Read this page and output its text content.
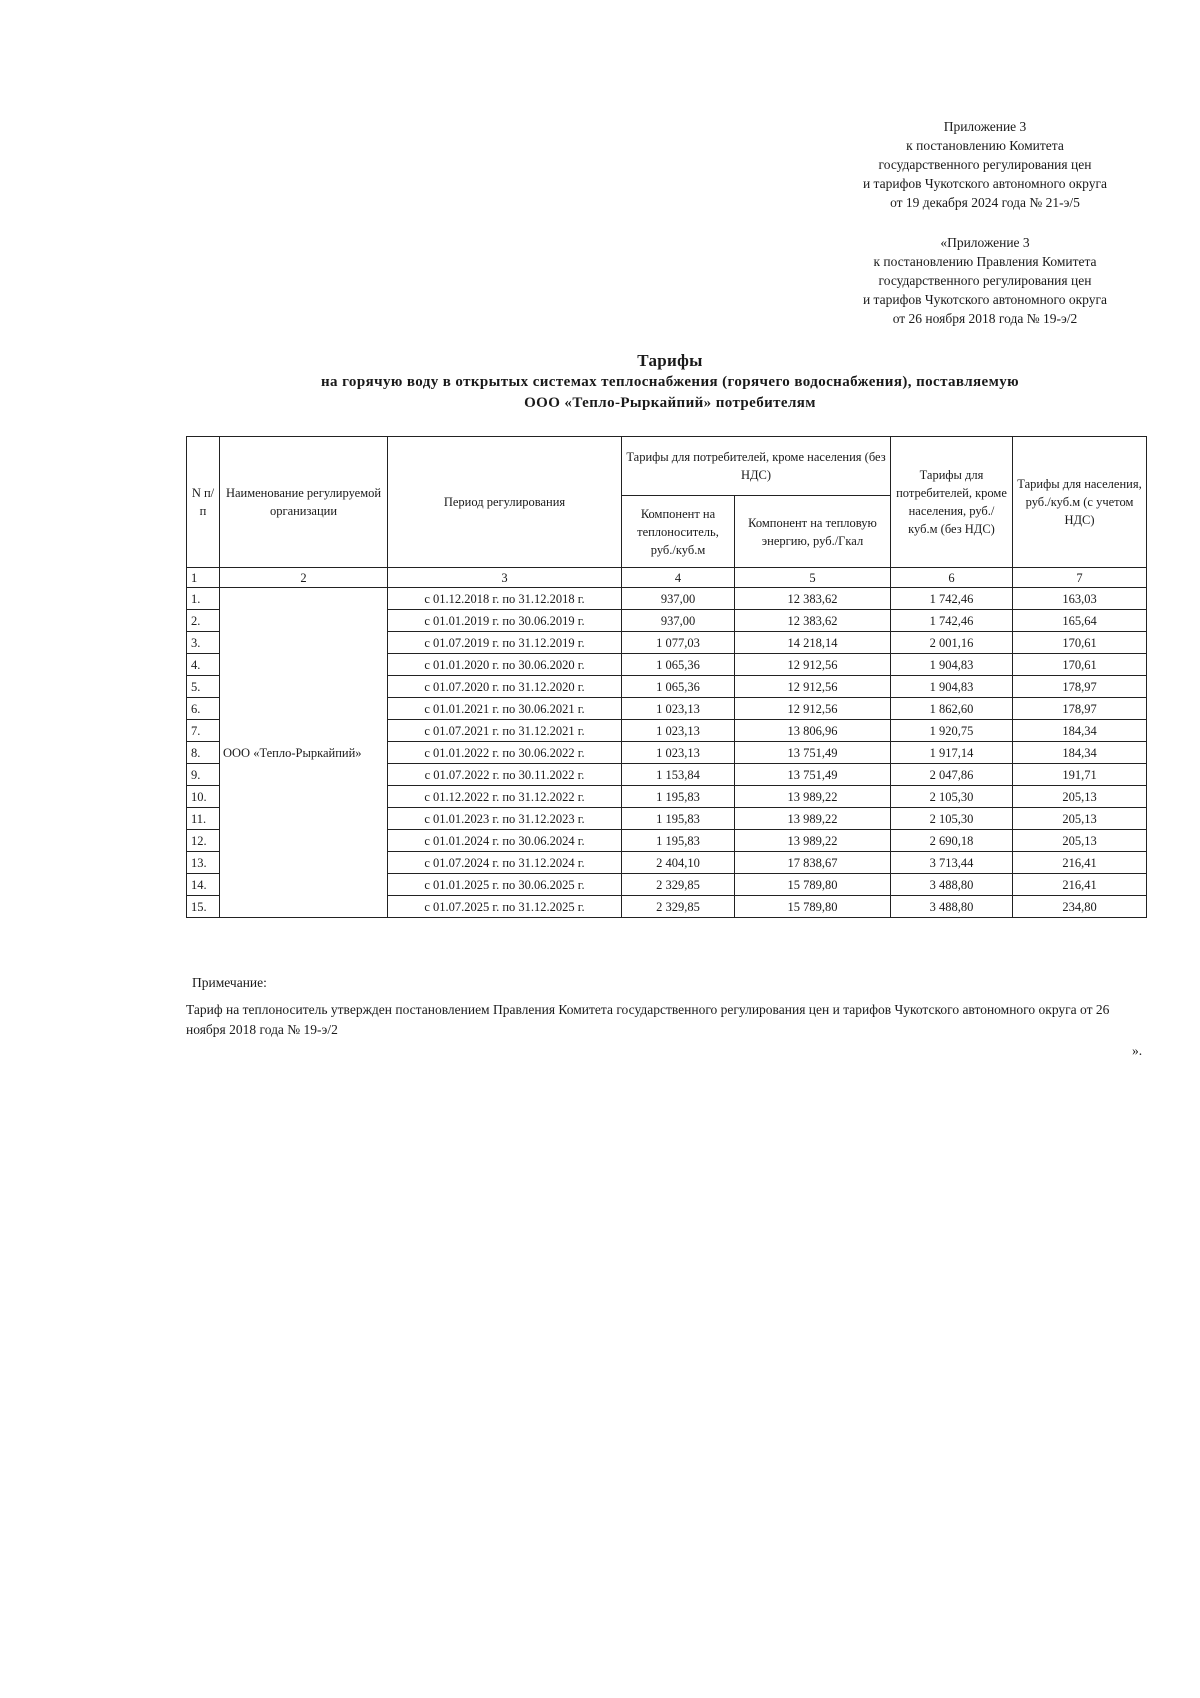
Приложение 3
к постановлению Комитета
государственного регулирования цен
и тарифов Чукотского автономного округа
от 19 декабря 2024 года № 21-э/5
«Приложение 3
к постановлению Правления Комитета
государственного регулирования цен
и тарифов Чукотского автономного округа
от 26 ноября 2018 года № 19-э/2
Тарифы
на горячую воду в открытых системах теплоснабжения (горячего водоснабжения), поставляемую
ООО «Тепло-Рыркайпий» потребителям
N п/п	Наименование регулируемой организации	Период регулирования	Тарифы для потребителей, кроме населения (без НДС)		Тарифы для потребителей, кроме населения, руб./куб.м (без НДС)	Тарифы для населения, руб./куб.м (с учетом НДС)
			Компонент на теплоноситель, руб./куб.м	Компонент на тепловую энергию, руб./Гкал		
1	2	3	4	5	6	7
1.	ООО «Тепло-Рыркайпий»	с 01.12.2018 г. по 31.12.2018 г.	937,00	12 383,62	1 742,46	163,03
2.		с 01.01.2019 г. по 30.06.2019 г.	937,00	12 383,62	1 742,46	165,64
3.		с 01.07.2019 г. по 31.12.2019 г.	1 077,03	14 218,14	2 001,16	170,61
4.		с 01.01.2020 г. по 30.06.2020 г.	1 065,36	12 912,56	1 904,83	170,61
5.		с 01.07.2020 г. по 31.12.2020 г.	1 065,36	12 912,56	1 904,83	178,97
6.		с 01.01.2021 г. по 30.06.2021 г.	1 023,13	12 912,56	1 862,60	178,97
7.		с 01.07.2021 г. по 31.12.2021 г.	1 023,13	13 806,96	1 920,75	184,34
8.		с 01.01.2022 г. по 30.06.2022 г.	1 023,13	13 751,49	1 917,14	184,34
9.		с 01.07.2022 г. по 30.11.2022 г.	1 153,84	13 751,49	2 047,86	191,71
10.		с 01.12.2022 г. по 31.12.2022 г.	1 195,83	13 989,22	2 105,30	205,13
11.		с 01.01.2023 г. по 31.12.2023 г.	1 195,83	13 989,22	2 105,30	205,13
12.		с 01.01.2024 г. по 30.06.2024 г.	1 195,83	13 989,22	2 690,18	205,13
13.		с 01.07.2024 г. по 31.12.2024 г.	2 404,10	17 838,67	3 713,44	216,41
14.		с 01.01.2025 г. по 30.06.2025 г.	2 329,85	15 789,80	3 488,80	216,41
15.		с 01.07.2025 г. по 31.12.2025 г.	2 329,85	15 789,80	3 488,80	234,80
Примечание:
Тариф на теплоноситель утвержден постановлением Правления Комитета государственного регулирования цен и тарифов Чукотского автономного округа от 26 ноября 2018 года № 19-э/2
».
